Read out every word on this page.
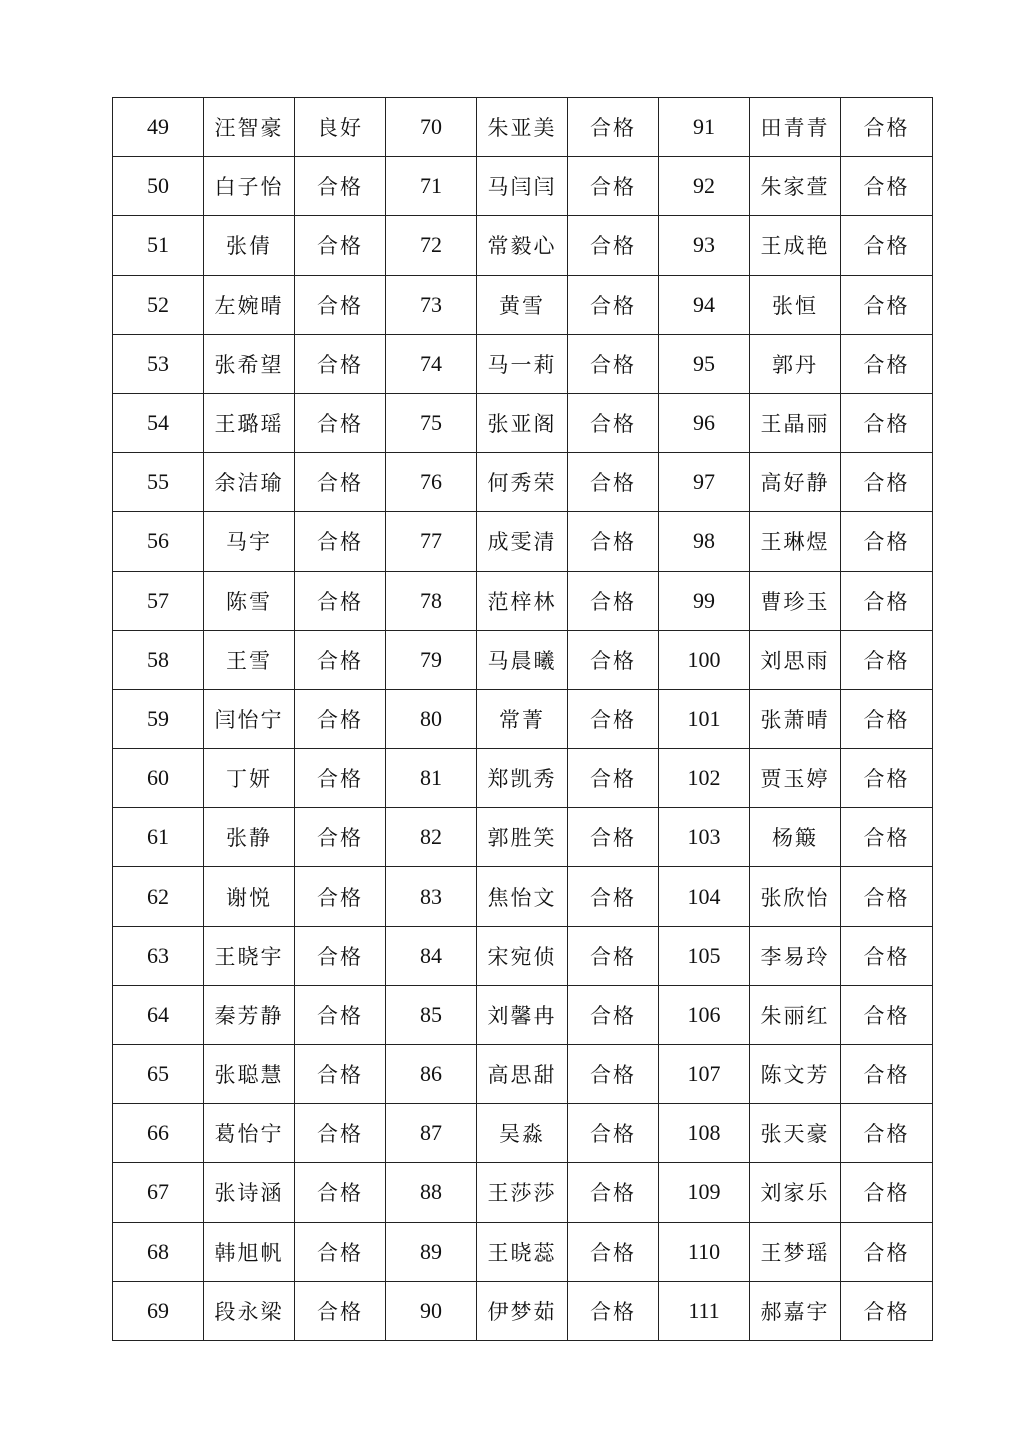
49	汪智豪	良好	70	朱亚美	合格	91	田青青	合格
50	白子怡	合格	71	马闫闫	合格	92	朱家萱	合格
51	张倩	合格	72	常毅心	合格	93	王成艳	合格
52	左婉晴	合格	73	黄雪	合格	94	张恒	合格
53	张希望	合格	74	马一莉	合格	95	郭丹	合格
54	王璐瑶	合格	75	张亚阁	合格	96	王晶丽	合格
55	余洁瑜	合格	76	何秀荣	合格	97	高好静	合格
56	马宇	合格	77	成雯清	合格	98	王琳煜	合格
57	陈雪	合格	78	范梓林	合格	99	曹珍玉	合格
58	王雪	合格	79	马晨曦	合格	100	刘思雨	合格
59	闫怡宁	合格	80	常菁	合格	101	张萧晴	合格
60	丁妍	合格	81	郑凯秀	合格	102	贾玉婷	合格
61	张静	合格	82	郭胜笑	合格	103	杨簸	合格
62	谢悦	合格	83	焦怡文	合格	104	张欣怡	合格
63	王晓宇	合格	84	宋宛侦	合格	105	李易玲	合格
64	秦芳静	合格	85	刘馨冉	合格	106	朱丽红	合格
65	张聪慧	合格	86	高思甜	合格	107	陈文芳	合格
66	葛怡宁	合格	87	吴淼	合格	108	张天豪	合格
67	张诗涵	合格	88	王莎莎	合格	109	刘家乐	合格
68	韩旭帆	合格	89	王晓蕊	合格	110	王梦瑶	合格
69	段永梁	合格	90	伊梦茹	合格	111	郝嘉宇	合格
